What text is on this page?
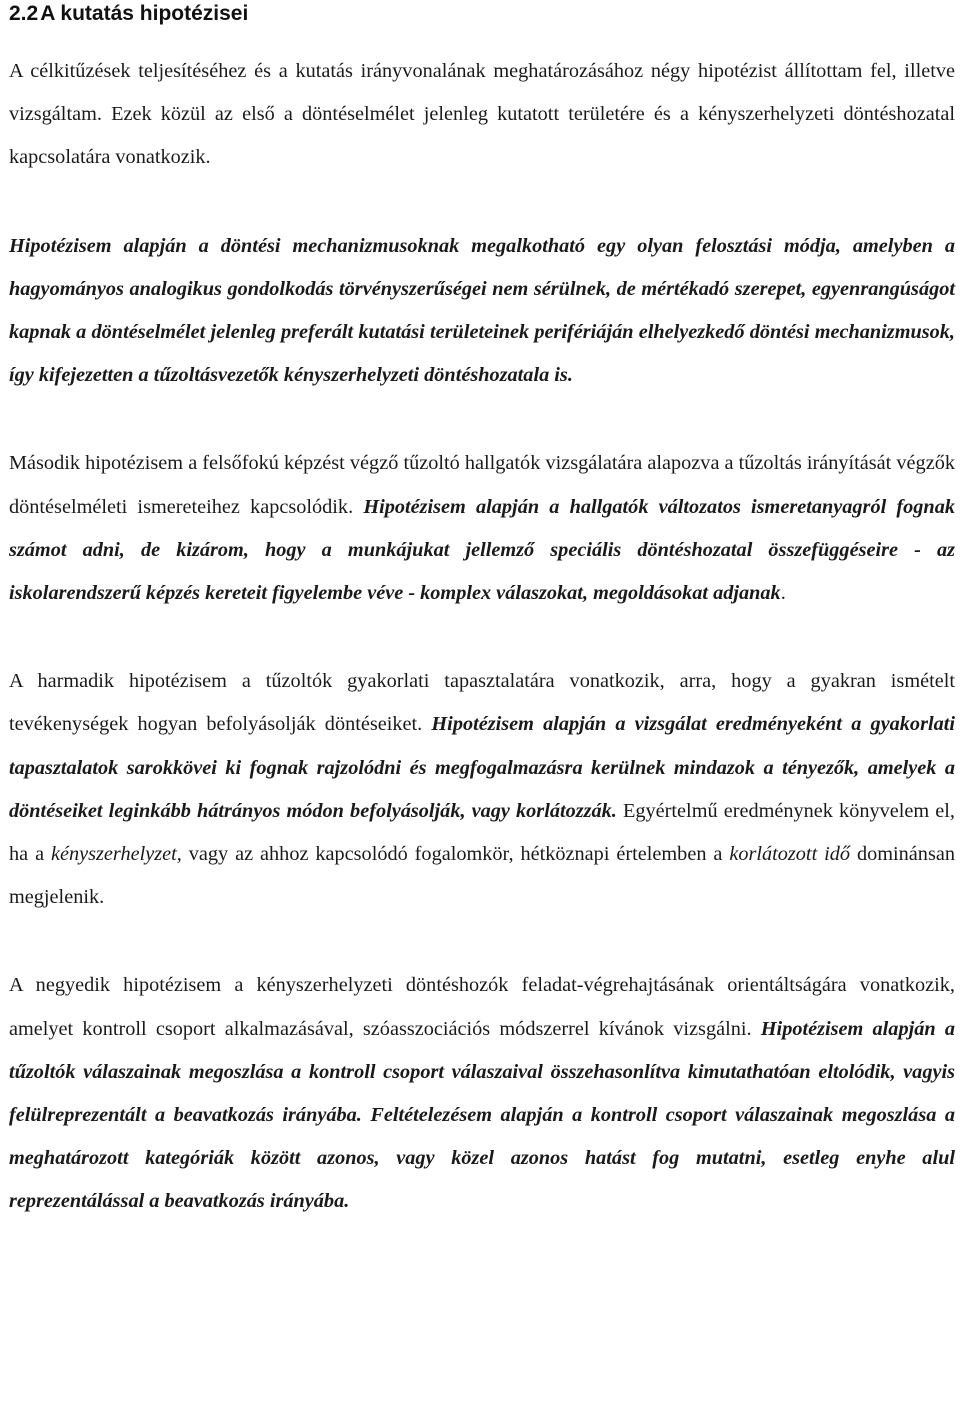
2.2A kutatás hipotézisei

A célkitűzések teljesítéséhez és a kutatás irányvonalának meghatározásához négy hipotézist állítottam fel, illetve vizsgáltam. Ezek közül az első a döntéselmélet jelenleg kutatott területére és a kényszerhelyzeti döntéshozatal kapcsolatára vonatkozik.

Hipotézisem alapján a döntési mechanizmusoknak megalkotható egy olyan felosztási módja, amelyben a hagyományos analogikus gondolkodás törvényszerűségei nem sérülnek, de mértékadó szerepet, egyenrangúságot kapnak a döntéselmélet jelenleg preferált kutatási területeinek perifériáján elhelyezkedő döntési mechanizmusok, így kifejezetten a tűzoltásvezetők kényszerhelyzeti döntéshozatala is.

Második hipotézisem a felsőfokú képzést végző tűzoltó hallgatók vizsgálatára alapozva a tűzoltás irányítását végzők döntéselméleti ismereteihez kapcsolódik. Hipotézisem alapján a hallgatók változatos ismeretanyagról fognak számot adni, de kizárom, hogy a munkájukat jellemző speciális döntéshozatal összefüggéseire - az iskolarendszerű képzés kereteit figyelembe véve - komplex válaszokat, megoldásokat adjanak.

A harmadik hipotézisem a tűzoltók gyakorlati tapasztalatára vonatkozik, arra, hogy a gyakran ismételt tevékenységek hogyan befolyásolják döntéseiket. Hipotézisem alapján a vizsgálat eredményeként a gyakorlati tapasztalatok sarokkövei ki fognak rajzolódni és megfogalmazásra kerülnek mindazok a tényezők, amelyek a döntéseiket leginkább hátrányos módon befolyásolják, vagy korlátozzák. Egyértelmű eredménynek könyvelem el, ha a kényszerhelyzet, vagy az ahhoz kapcsolódó fogalomkör, hétköznapi értelemben a korlátozott idő dominánsan megjelenik.

A negyedik hipotézisem a kényszerhelyzeti döntéshozók feladat-végrehajtásának orientáltságára vonatkozik, amelyet kontroll csoport alkalmazásával, szóasszociációs módszerrel kívánok vizsgálni. Hipotézisem alapján a tűzoltók válaszainak megoszlása a kontroll csoport válaszaival összehasonlítva kimutathatóan eltolódik, vagyis felülreprezentált a beavatkozás irányába. Feltételezésem alapján a kontroll csoport válaszainak megoszlása a meghatározott kategóriák között azonos, vagy közel azonos hatást fog mutatni, esetleg enyhe alul reprezentálással a beavatkozás irányába.
